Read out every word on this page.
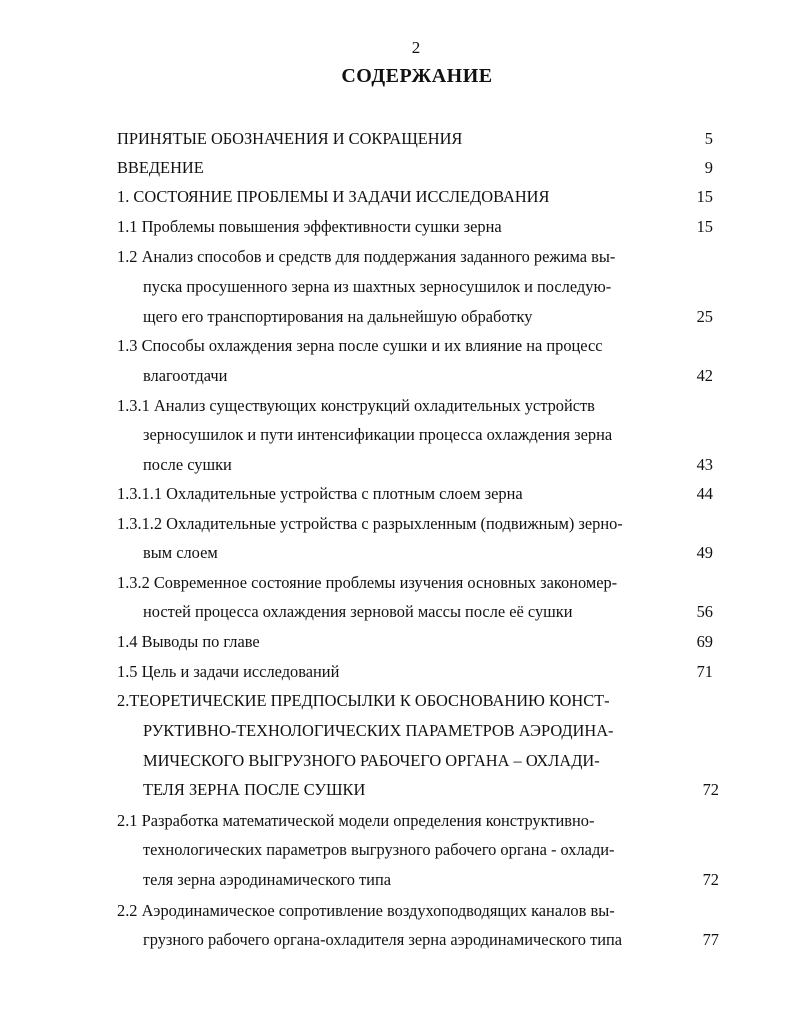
2
СОДЕРЖАНИЕ
ПРИНЯТЫЕ ОБОЗНАЧЕНИЯ И СОКРАЩЕНИЯ	5
ВВЕДЕНИЕ	9
1. СОСТОЯНИЕ ПРОБЛЕМЫ И ЗАДАЧИ ИССЛЕДОВАНИЯ	15
1.1 Проблемы повышения эффективности сушки зерна	15
1.2 Анализ способов и средств для поддержания заданного режима вы-
пуска просушенного зерна из шахтных зерносушилок и последую-
щего его транспортирования на дальнейшую обработку	25
1.3 Способы охлаждения зерна после сушки и их влияние на процесс
влагоотдачи	42
1.3.1 Анализ существующих конструкций охладительных устройств
зерносушилок и пути интенсификации процесса охлаждения зерна
после сушки	43
1.3.1.1 Охладительные устройства с плотным слоем зерна	44
1.3.1.2 Охладительные устройства с разрыхленным (подвижным) зерно-
вым слоем	49
1.3.2 Современное состояние проблемы изучения основных закономер-
ностей процесса охлаждения зерновой массы после её сушки	56
1.4 Выводы по главе	69
1.5 Цель и задачи исследований	71
2.ТЕОРЕТИЧЕСКИЕ ПРЕДПОСЫЛКИ К ОБОСНОВАНИЮ КОНСТ-
РУКТИВНО-ТЕХНОЛОГИЧЕСКИХ ПАРАМЕТРОВ АЭРОДИНА-
МИЧЕСКОГО ВЫГРУЗНОГО РАБОЧЕГО ОРГАНА – ОХЛАДИ-
ТЕЛЯ ЗЕРНА ПОСЛЕ СУШКИ	72
2.1 Разработка математической модели определения конструктивно-
технологических параметров выгрузного рабочего органа - охлади-
теля зерна аэродинамического типа	72
2.2 Аэродинамическое сопротивление воздухоподводящих каналов вы-
грузного рабочего органа-охладителя зерна аэродинамического типа	77
